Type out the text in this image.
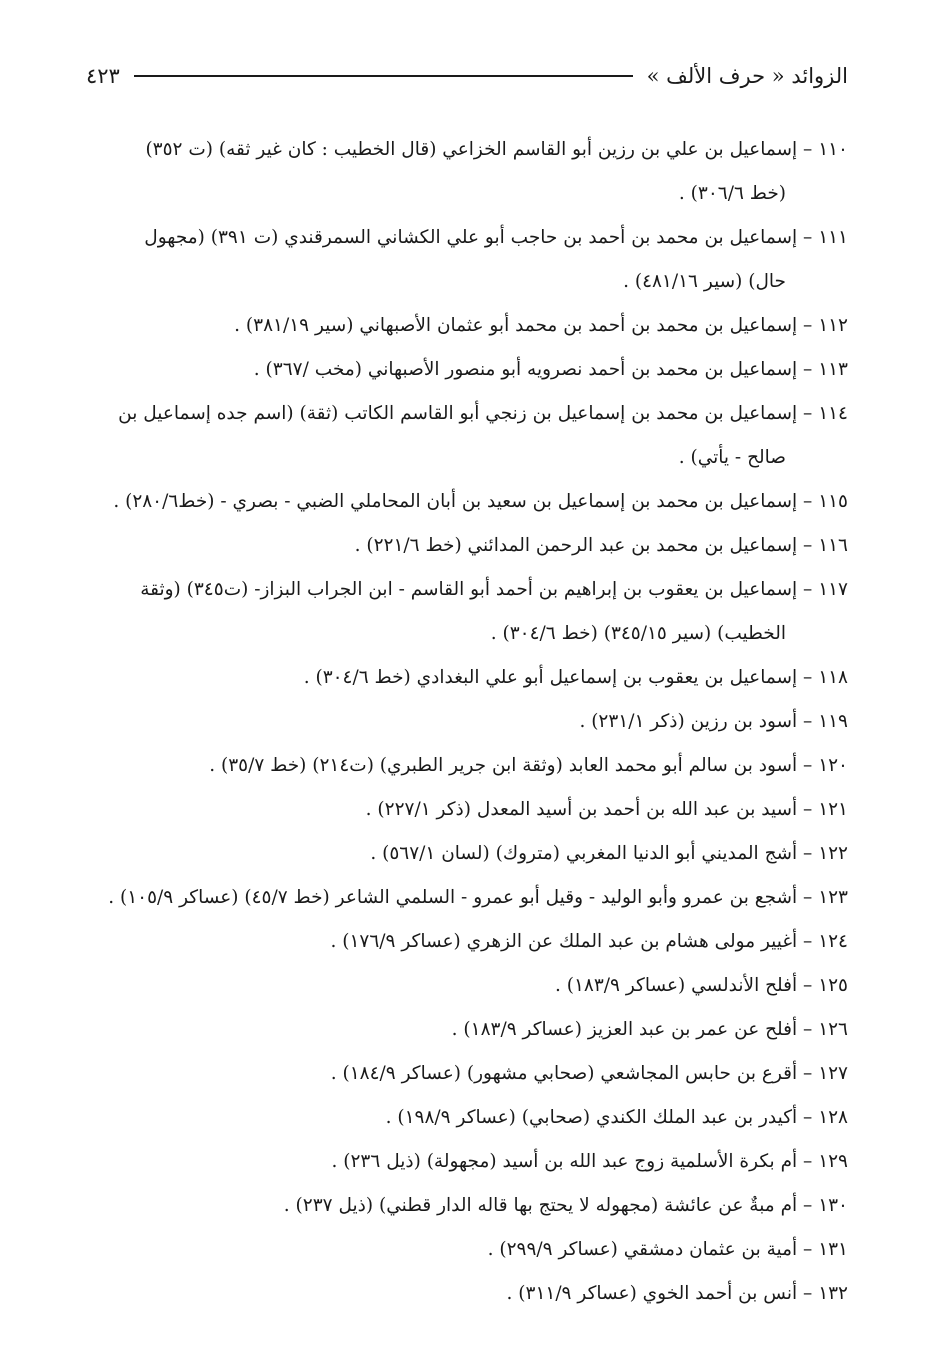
الزوائد « حرف الألف »
٤٢٣
١١٠ – إسماعيل بن علي بن رزين أبو القاسم الخزاعي (قال الخطيب : كان غير ثقه) (ت ٣٥٢)
(خط ٣٠٦/٦) .
١١١ – إسماعيل بن محمد بن أحمد بن حاجب أبو علي الكشاني السمرقندي (ت ٣٩١) (مجهول
حال) (سير ٤٨١/١٦) .
١١٢ – إسماعيل بن محمد بن أحمد بن محمد أبو عثمان الأصبهاني (سير ٣٨١/١٩) .
١١٣ – إسماعيل بن محمد بن أحمد نصرويه أبو منصور الأصبهاني (مخب /٣٦٧) .
١١٤ – إسماعيل بن محمد بن إسماعيل بن زنجي أبو القاسم الكاتب (ثقة) (اسم جده إسماعيل بن
صالح - يأتي) .
١١٥ – إسماعيل بن محمد بن إسماعيل بن سعيد بن أبان المحاملي الضبي - بصري - (خط٢٨٠/٦) .
١١٦ – إسماعيل بن محمد بن عبد الرحمن المدائني (خط ٢٢١/٦) .
١١٧ – إسماعيل بن يعقوب بن إبراهيم بن أحمد أبو القاسم - ابن الجراب البزاز- (ت٣٤٥) (وثقة
الخطيب) (سير ٣٤٥/١٥) (خط ٣٠٤/٦) .
١١٨ – إسماعيل بن يعقوب بن إسماعيل أبو علي البغدادي (خط ٣٠٤/٦) .
١١٩ – أسود بن رزين (ذكر ٢٣١/١) .
١٢٠ – أسود بن سالم أبو محمد العابد (وثقة ابن جرير الطبري) (ت٢١٤) (خط ٣٥/٧) .
١٢١ – أسيد بن عبد الله بن أحمد بن أسيد المعدل (ذكر ٢٢٧/١) .
١٢٢ – أشج المديني أبو الدنيا المغربي (متروك) (لسان ٥٦٧/١) .
١٢٣ – أشجع بن عمرو وأبو الوليد - وقيل أبو عمرو - السلمي الشاعر (خط ٤٥/٧) (عساكر ١٠٥/٩) .
١٢٤ – أغيير مولى هشام بن عبد الملك عن الزهري (عساكر ١٧٦/٩) .
١٢٥ – أفلح الأندلسي (عساكر ١٨٣/٩) .
١٢٦ – أفلح عن عمر بن عبد العزيز (عساكر ١٨٣/٩) .
١٢٧ – أقرع بن حابس المجاشعي (صحابي مشهور) (عساكر ١٨٤/٩) .
١٢٨ – أكيدر بن عبد الملك الكندي (صحابي) (عساكر ١٩٨/٩) .
١٢٩ – أم بكرة الأسلمية زوج عبد الله بن أسيد (مجهولة) (ذيل ٢٣٦) .
١٣٠ – أم مبةٌ عن عائشة (مجهوله لا يحتج بها قاله الدار قطني) (ذيل ٢٣٧) .
١٣١ – أمية بن عثمان دمشقي (عساكر ٢٩٩/٩) .
١٣٢ – أنس بن أحمد الخوي (عساكر ٣١١/٩) .
